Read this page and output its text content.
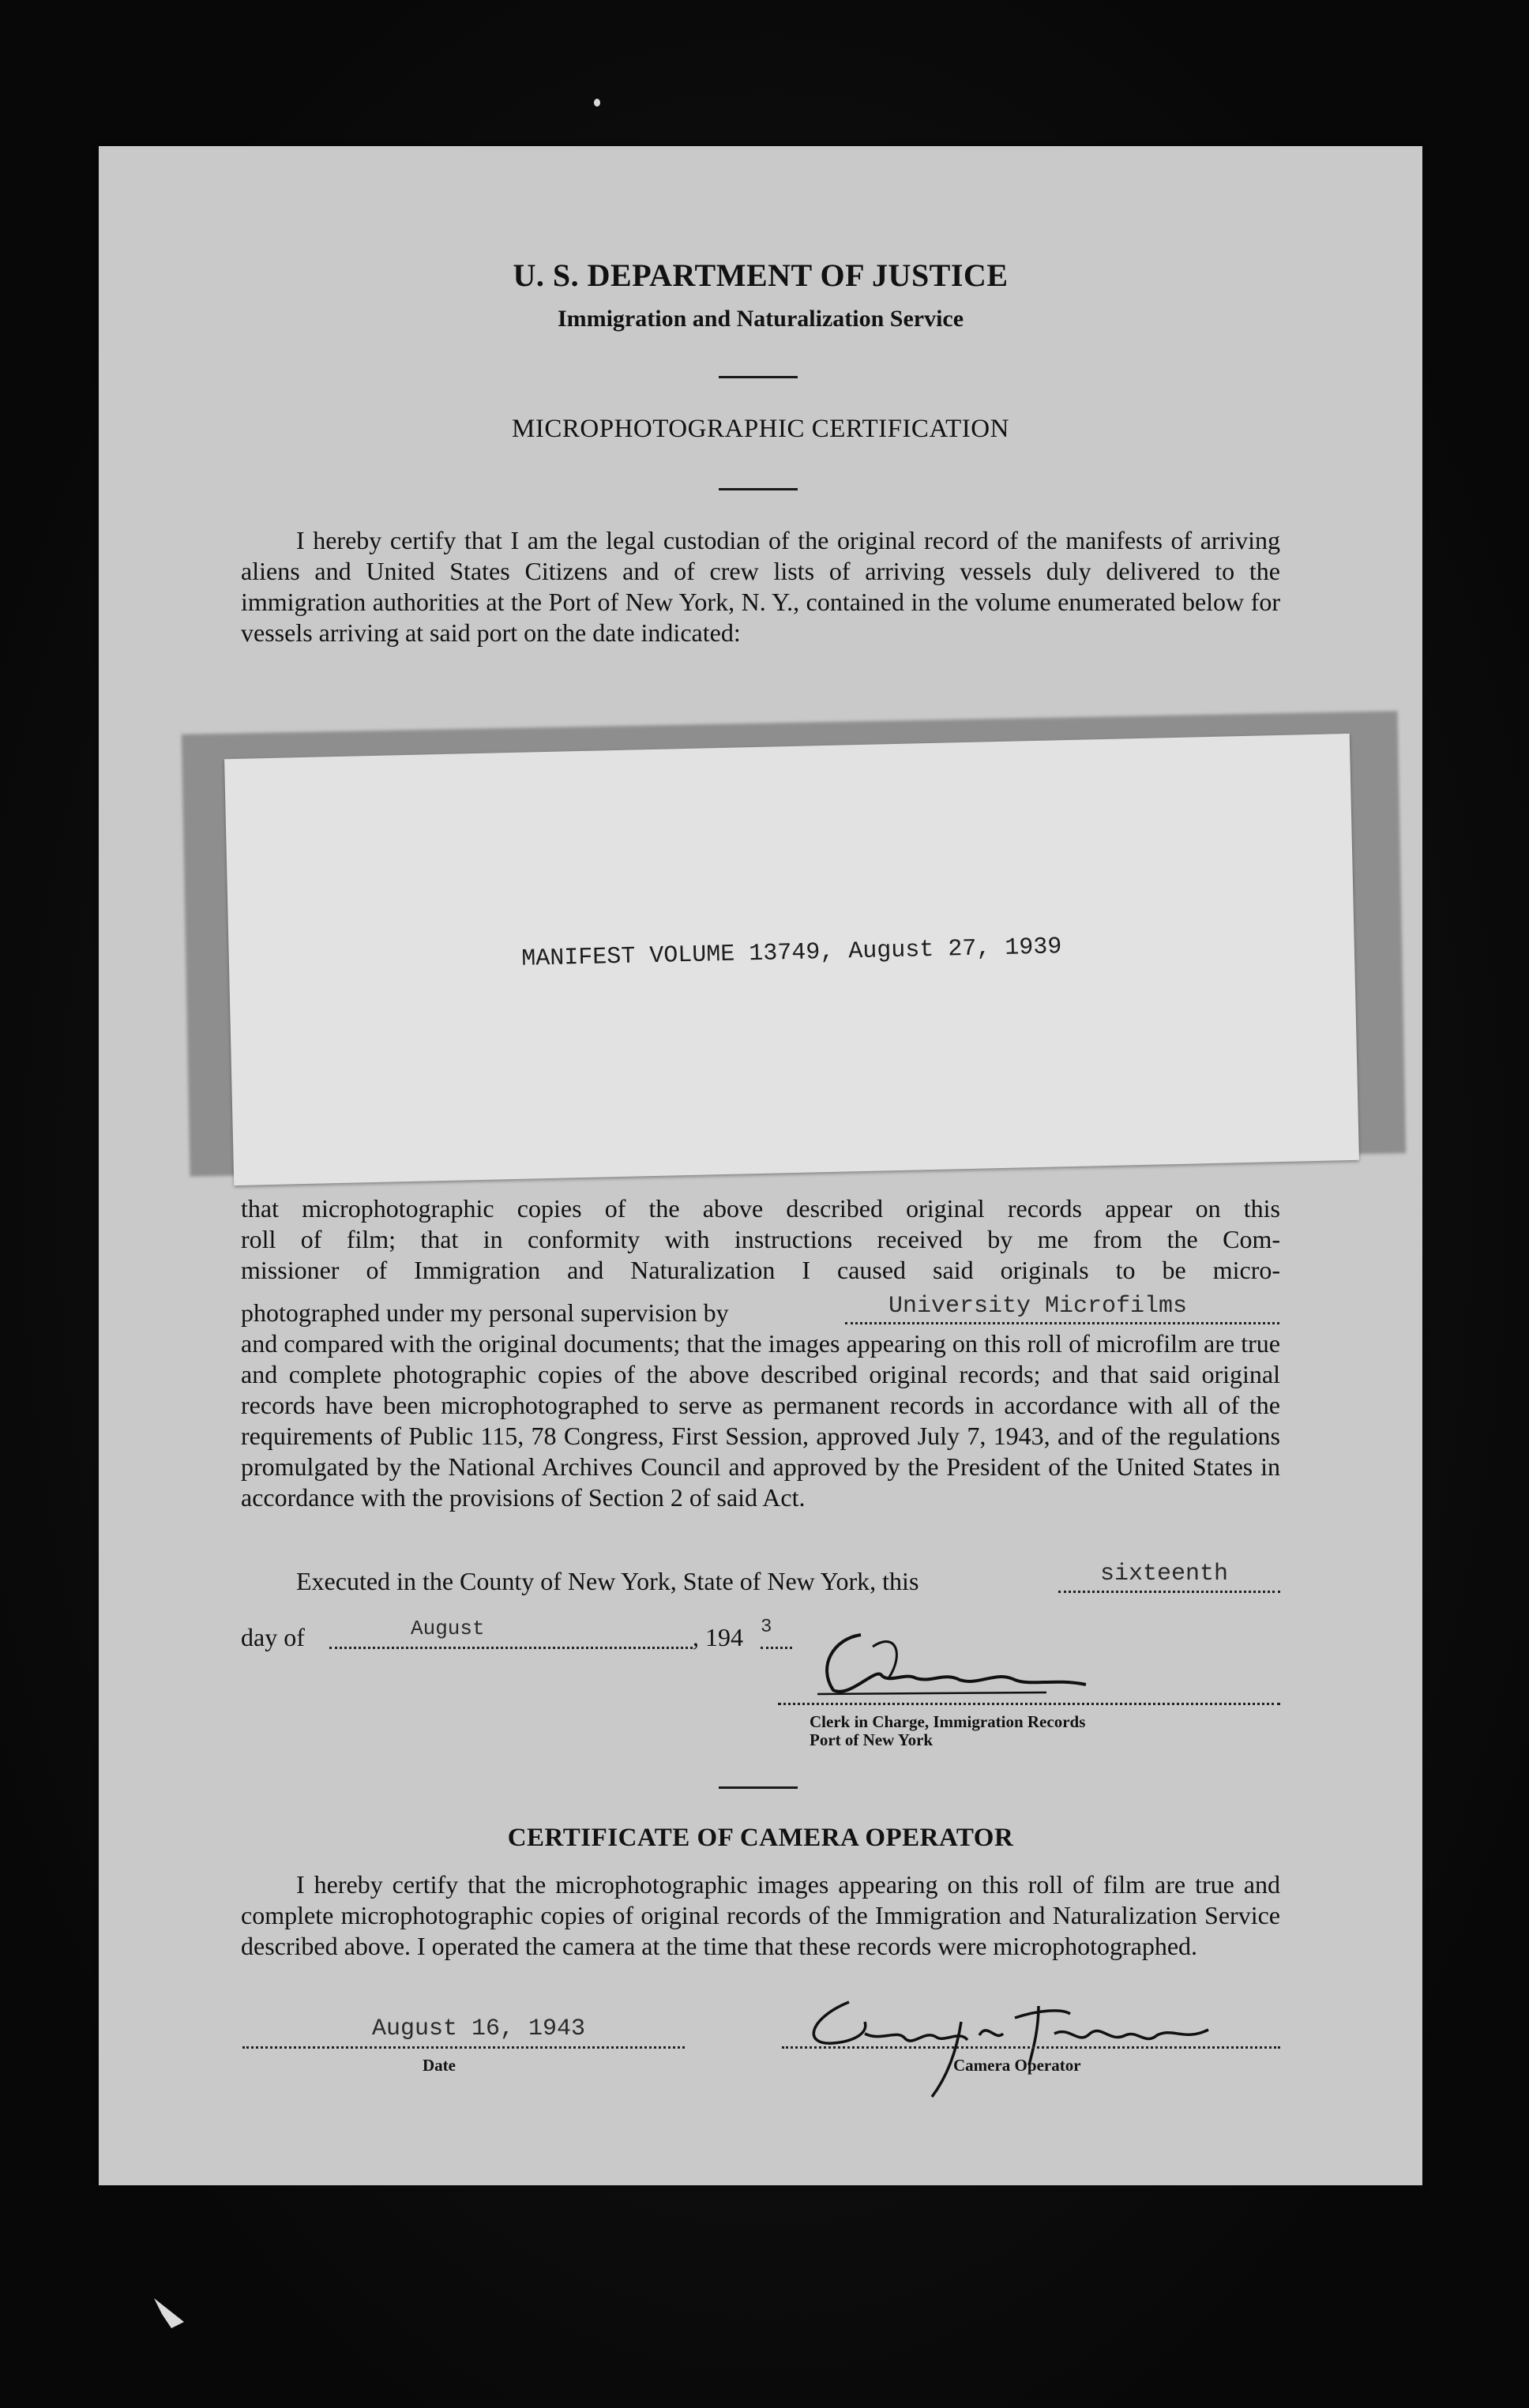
U. S. DEPARTMENT OF JUSTICE
Immigration and Naturalization Service
MICROPHOTOGRAPHIC CERTIFICATION
I hereby certify that I am the legal custodian of the original record of the manifests of arriving aliens and United States Citizens and of crew lists of arriving vessels duly delivered to the immigration authorities at the Port of New York, N. Y., contained in the volume enumerated below for vessels arriving at said port on the date indicated:
MANIFEST VOLUME 13749, August 27, 1939
that microphotographic copies of the above described original records appear on this
roll of film; that in conformity with instructions received by me from the Com-
missioner of Immigration and Naturalization I caused said originals to be micro-
photographed under my personal supervision by	University Microfilms
and compared with the original documents; that the images appearing on this roll of microfilm are true and complete photographic copies of the above described original records; and that said original records have been microphotographed to serve as permanent records in accordance with all of the requirements of Public 115, 78 Congress, First Session, approved July 7, 1943, and of the regulations promulgated by the National Archives Council and approved by the President of the United States in accordance with the provisions of Section 2 of said Act.
Executed in the County of New York, State of New York, this	sixteenth
day of	August	, 194 3
Clerk in Charge, Immigration Records
Port of New York
CERTIFICATE OF CAMERA OPERATOR
I hereby certify that the microphotographic images appearing on this roll of film are true and complete microphotographic copies of original records of the Immigration and Naturalization Service described above. I operated the camera at the time that these records were microphotographed.
August 16, 1943
Date	Camera Operator
